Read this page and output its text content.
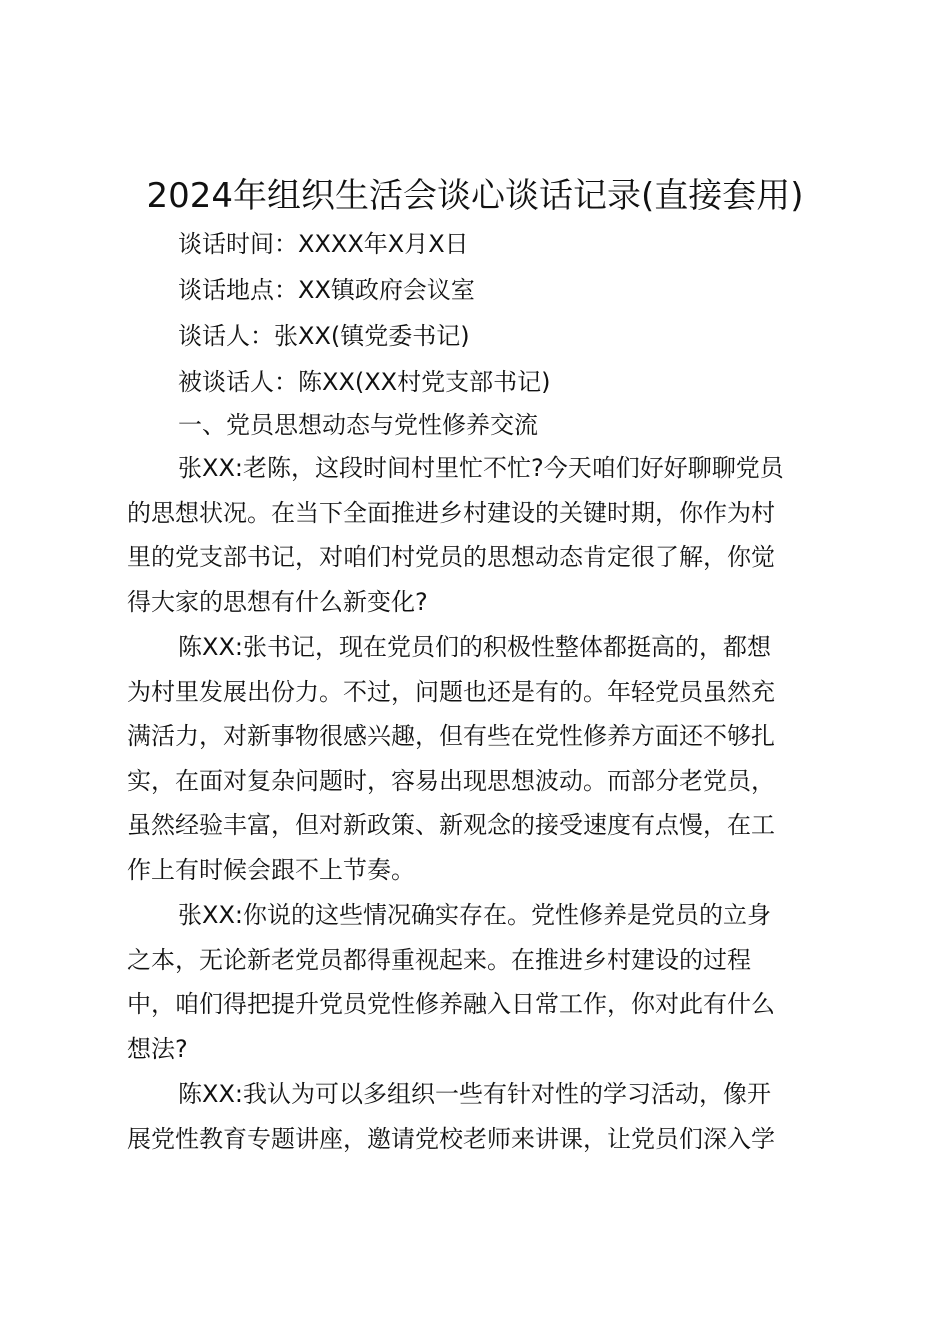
2024年组织生活会谈心谈话记录(直接套用)

谈话时间：XXXX年X月X日

谈话地点：XX镇政府会议室

谈话人：张XX(镇党委书记)

被谈话人：陈XX(XX村党支部书记)

一、党员思想动态与党性修养交流

张XX:老陈，这段时间村里忙不忙?今天咱们好好聊聊党员
的思想状况。在当下全面推进乡村建设的关键时期，你作为村
里的党支部书记，对咱们村党员的思想动态肯定很了解，你觉
得大家的思想有什么新变化?
陈XX:张书记，现在党员们的积极性整体都挺高的，都想
为村里发展出份力。不过，问题也还是有的。年轻党员虽然充
满活力，对新事物很感兴趣，但有些在党性修养方面还不够扎
实，在面对复杂问题时，容易出现思想波动。而部分老党员，
虽然经验丰富，但对新政策、新观念的接受速度有点慢，在工
作上有时候会跟不上节奏。
张XX:你说的这些情况确实存在。党性修养是党员的立身
之本，无论新老党员都得重视起来。在推进乡村建设的过程
中，咱们得把提升党员党性修养融入日常工作，你对此有什么
想法?
陈XX:我认为可以多组织一些有针对性的学习活动，像开
展党性教育专题讲座，邀请党校老师来讲课，让党员们深入学
